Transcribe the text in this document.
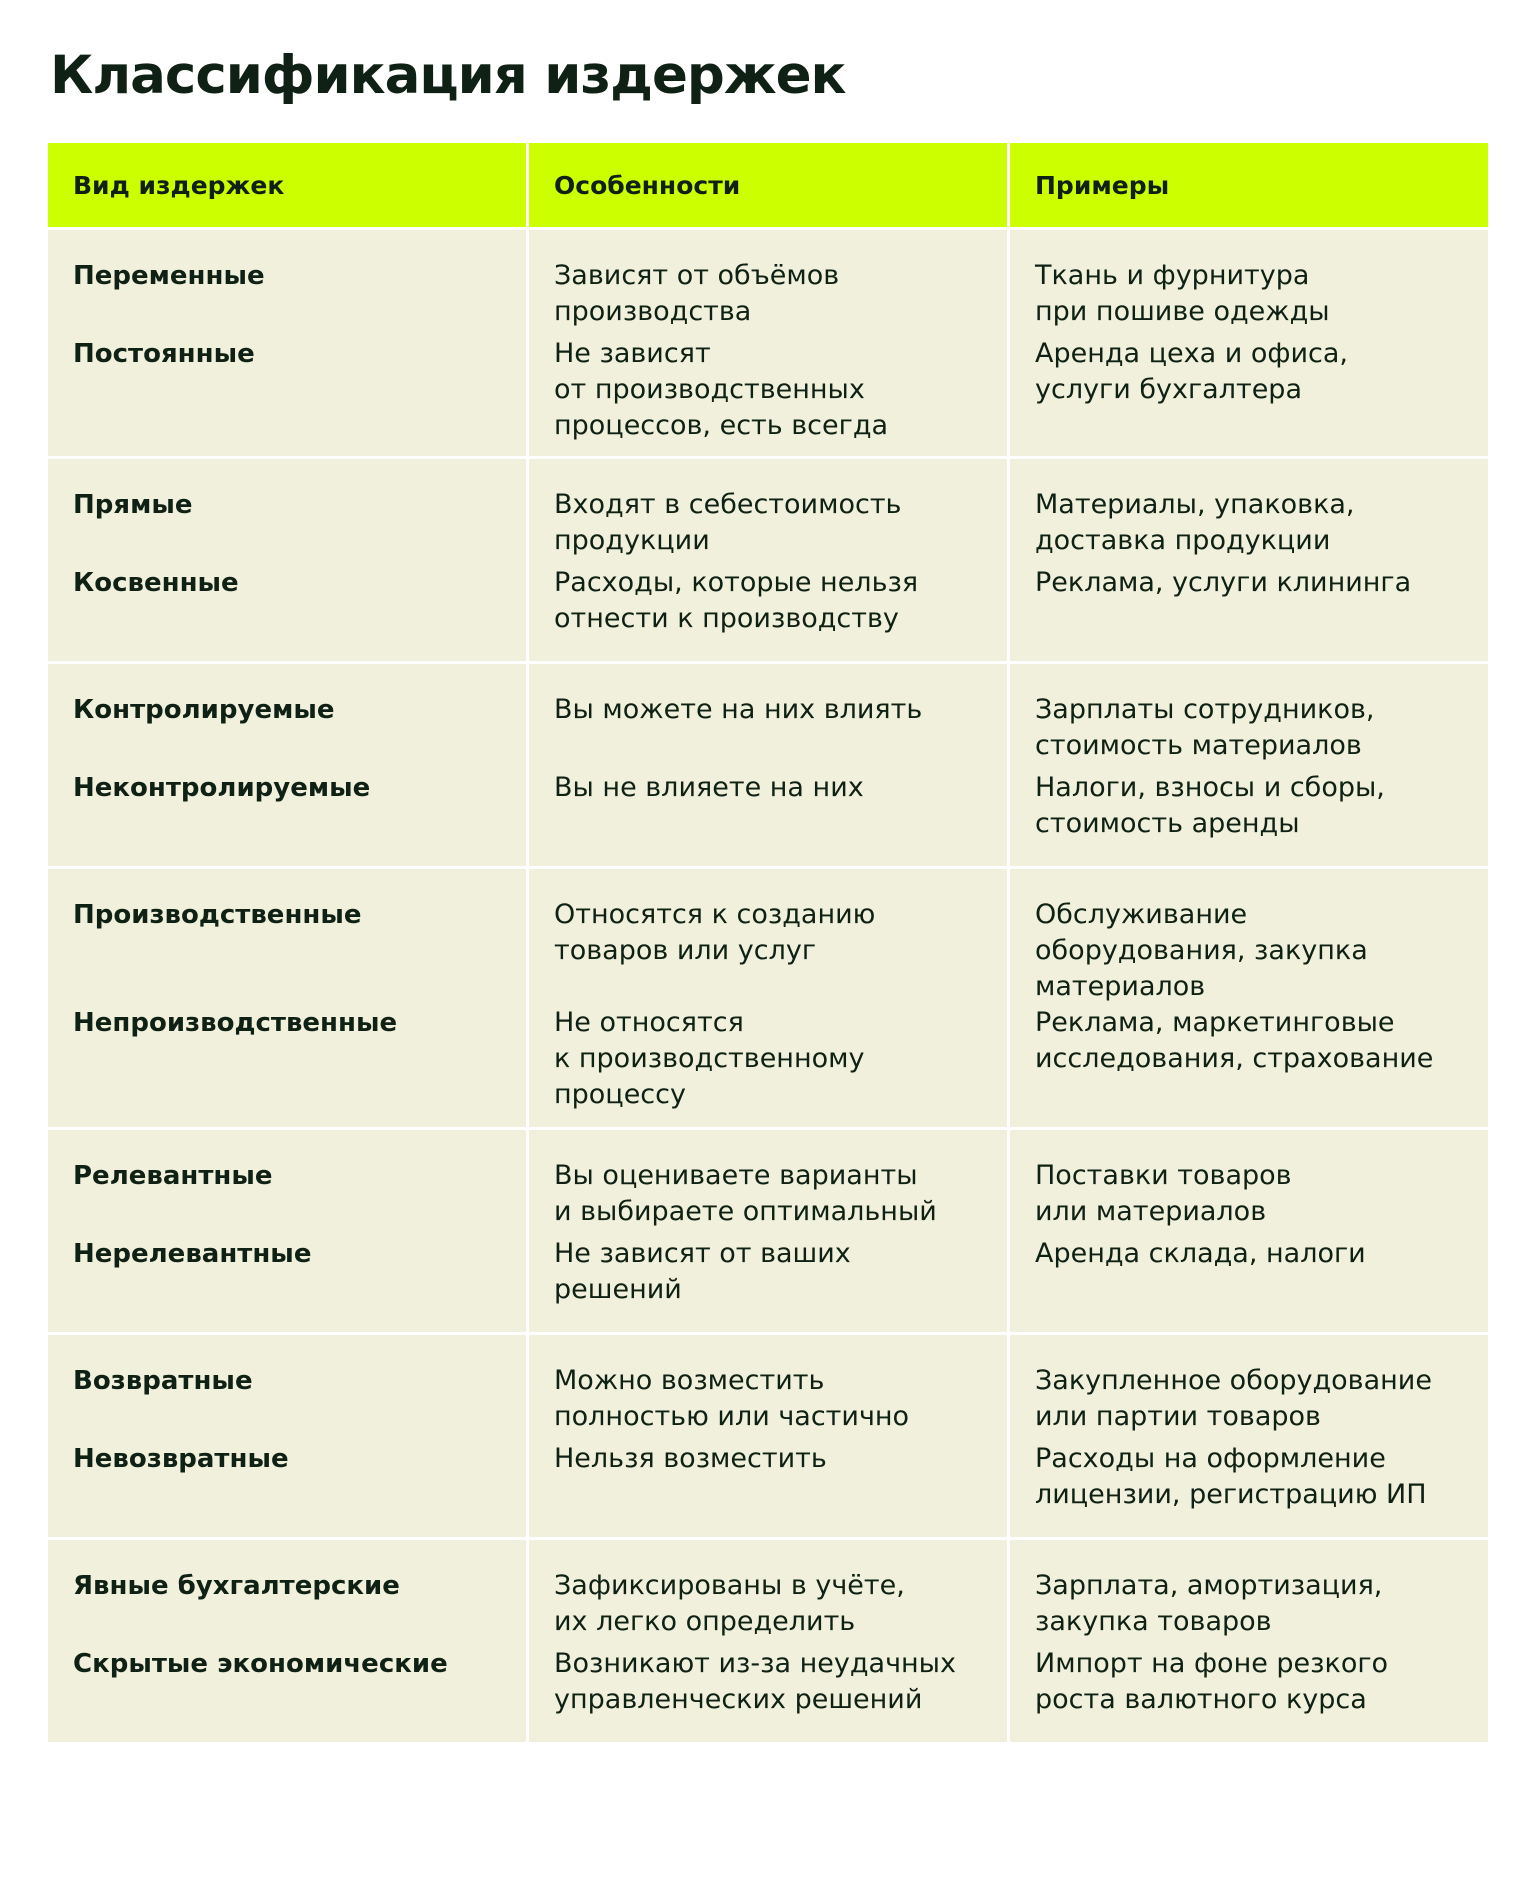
Классификация издержек
Вид издержек	Особенности	Примеры
Переменные
Постоянные
Зависят от объёмов
производства
Не зависят
от производственных
процессов, есть всегда
Ткань и фурнитура
при пошиве одежды
Аренда цеха и офиса,
услуги бухгалтера
Прямые
Косвенные
Входят в себестоимость
продукции
Расходы, которые нельзя
отнести к производству
Материалы, упаковка,
доставка продукции
Реклама, услуги клининга
Контролируемые
Неконтролируемые
Вы можете на них влиять
Вы не влияете на них
Зарплаты сотрудников,
стоимость материалов
Налоги, взносы и сборы,
стоимость аренды
Производственные
Непроизводственные
Относятся к созданию
товаров или услуг
Не относятся
к производственному
процессу
Обслуживание
оборудования, закупка
материалов
Реклама, маркетинговые
исследования, страхование
Релевантные
Нерелевантные
Вы оцениваете варианты
и выбираете оптимальный
Не зависят от ваших
решений
Поставки товаров
или материалов
Аренда склада, налоги
Возвратные
Невозвратные
Можно возместить
полностью или частично
Нельзя возместить
Закупленное оборудование
или партии товаров
Расходы на оформление
лицензии, регистрацию ИП
Явные бухгалтерские
Скрытые экономические
Зафиксированы в учёте,
их легко определить
Возникают из-за неудачных
управленческих решений
Зарплата, амортизация,
закупка товаров
Импорт на фоне резкого
роста валютного курса
